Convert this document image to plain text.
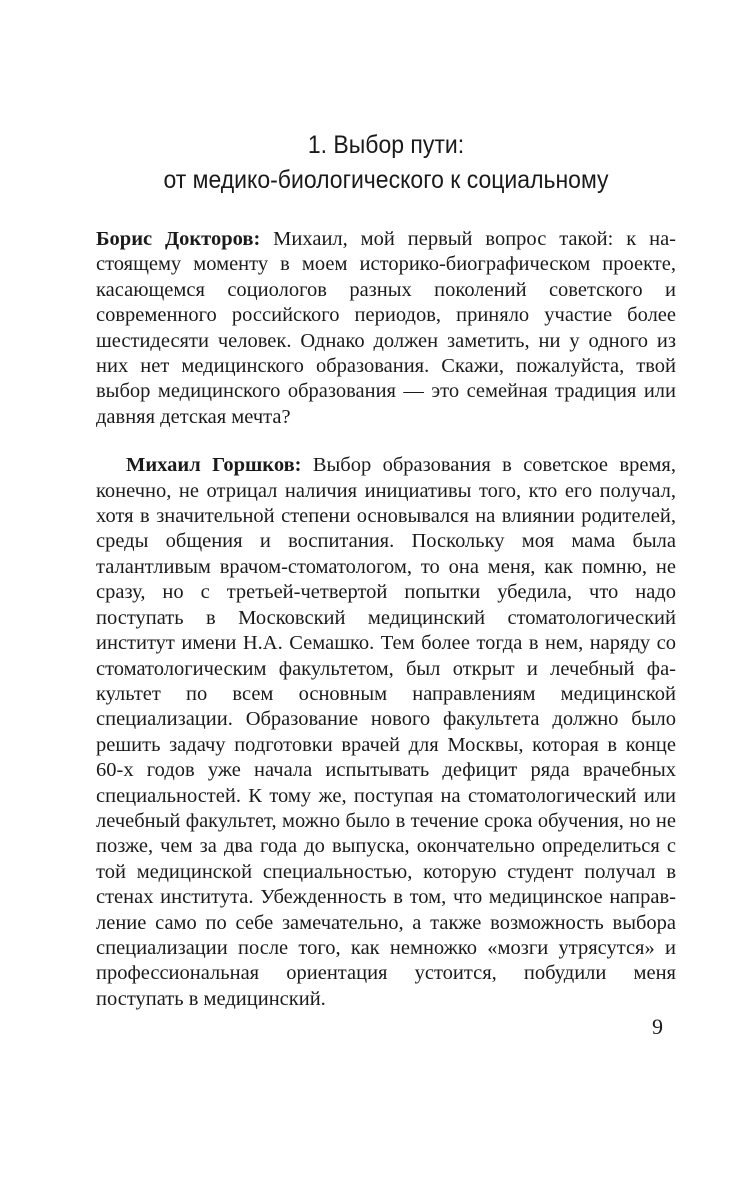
1. Выбор пути:
от медико-биологического к социальному

Борис Докторов: Михаил, мой первый вопрос такой: к настоящему моменту в моем историко-биографическом проекте, касающемся социологов разных поколений советского и современного российского периодов, приняло участие более шестидесяти человек. Однако должен заметить, ни у одного из них нет медицинского образования. Скажи, пожалуйста, твой выбор медицинского образования — это семейная традиция или давняя детская мечта?

Михаил Горшков: Выбор образования в советское время, конечно, не отрицал наличия инициативы того, кто его получал, хотя в значительной степени основывался на влиянии родителей, среды общения и воспитания. Поскольку моя мама была талантливым врачом-стоматологом, то она меня, как помню, не сразу, но с третьей-четвертой попытки убедила, что надо поступать в Московский медицинский стоматологический институт имени Н.А. Семашко. Тем более тогда в нем, наряду со стоматологическим факультетом, был открыт и лечебный факультет по всем основным направлениям медицинской специализации. Образование нового факультета должно было решить задачу подготовки врачей для Москвы, которая в конце 60-х годов уже начала испытывать дефицит ряда врачебных специальностей. К тому же, поступая на стоматологический или лечебный факультет, можно было в течение срока обучения, но не позже, чем за два года до выпуска, окончательно определиться с той медицинской специальностью, которую студент получал в стенах института. Убежденность в том, что медицинское направление само по себе замечательно, а также возможность выбора специализации после того, как немножко «мозги утрясутся» и профессиональная ориентация устоится, побудили меня поступать в медицинский.

9
